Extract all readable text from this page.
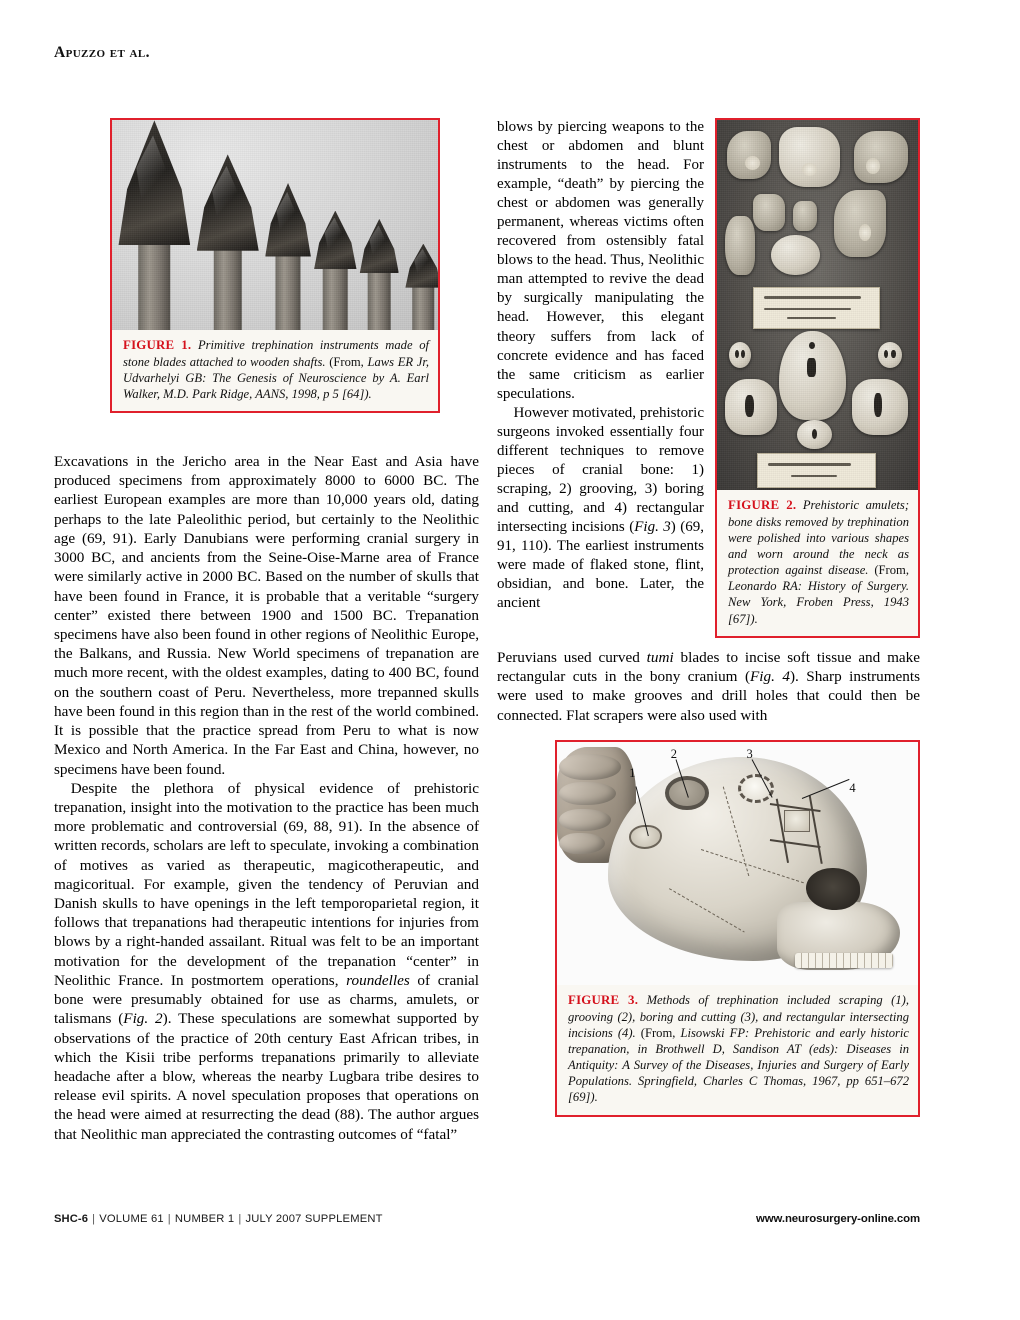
Apuzzo et al.
FIGURE 1. Primitive trephination instruments made of stone blades attached to wooden shafts. (From, Laws ER Jr, Udvarhelyi GB: The Genesis of Neuroscience by A. Earl Walker, M.D. Park Ridge, AANS, 1998, p 5 [64]).
FIGURE 2. Prehistoric amulets; bone disks removed by trephination were polished into various shapes and worn around the neck as protection against disease. (From, Leonardo RA: History of Surgery. New York, Froben Press, 1943 [67]).

blows by piercing weapons to the chest or abdomen and blunt instruments to the head. For example, “death” by piercing the chest or abdomen was generally permanent, whereas victims often recovered from ostensibly fatal blows to the head. Thus, Neolithic man attempted to revive the dead by surgically manipulating the head. However, this elegant theory suffers from lack of concrete evidence and has faced the same criticism as earlier speculations.

However motivated, prehistoric surgeons invoked essentially four different techniques to remove pieces of cranial bone: 1) scraping, 2) grooving, 3) boring and cutting, and 4) rectangular intersecting incisions (Fig. 3) (69, 91, 110). The earliest instruments were made of flaked stone, flint, obsidian, and bone. Later, the ancient

Peruvians used curved tumi blades to incise soft tissue and make rectangular cuts in the bony cranium (Fig. 4). Sharp instruments were used to make grooves and drill holes that could then be connected. Flat scrapers were also used with

Excavations in the Jericho area in the Near East and Asia have produced specimens from approximately 8000 to 6000 BC. The earliest European examples are more than 10,000 years old, dating perhaps to the late Paleolithic period, but certainly to the Neolithic age (69, 91). Early Danubians were performing cranial surgery in 3000 BC, and ancients from the Seine-Oise-Marne area of France were similarly active in 2000 BC. Based on the number of skulls that have been found in France, it is probable that a veritable “surgery center” existed there between 1900 and 1500 BC. Trepanation specimens have also been found in other regions of Neolithic Europe, the Balkans, and Russia. New World specimens of trepanation are much more recent, with the oldest examples, dating to 400 BC, found on the southern coast of Peru. Nevertheless, more trepanned skulls have been found in this region than in the rest of the world combined. It is possible that the practice spread from Peru to what is now Mexico and North America. In the Far East and China, however, no specimens have been found.

Despite the plethora of physical evidence of prehistoric trepanation, insight into the motivation to the practice has been much more problematic and controversial (69, 88, 91). In the absence of written records, scholars are left to speculate, invoking a combination of motives as varied as therapeutic, magicotherapeutic, and magicoritual. For example, given the tendency of Peruvian and Danish skulls to have openings in the left temporoparietal region, it follows that trepanations had therapeutic intentions for injuries from blows by a right-handed assailant. Ritual was felt to be an important motivation for the development of the trepanation “center” in Neolithic France. In postmortem operations, roundelles of cranial bone were presumably obtained for use as charms, amulets, or talismans (Fig. 2). These speculations are somewhat supported by observations of the practice of 20th century East African tribes, in which the Kisii tribe performs trepanations primarily to alleviate headache after a blow, whereas the nearby Lugbara tribe desires to release evil spirits. A novel speculation proposes that operations on the head were aimed at resurrecting the dead (88). The author argues that Neolithic man appreciated the contrasting outcomes of “fatal”

1
2	3
4
FIGURE 3. Methods of trephination included scraping (1), grooving (2), boring and cutting (3), and rectangular intersecting incisions (4). (From, Lisowski FP: Prehistoric and early historic trepanation, in Brothwell D, Sandison AT (eds): Diseases in Antiquity: A Survey of the Diseases, Injuries and Surgery of Early Populations. Springfield, Charles C Thomas, 1967, pp 651–672 [69]).
SHC-6 | VOLUME 61 | NUMBER 1 | JULY 2007 SUPPLEMENT	www.neurosurgery-online.com
